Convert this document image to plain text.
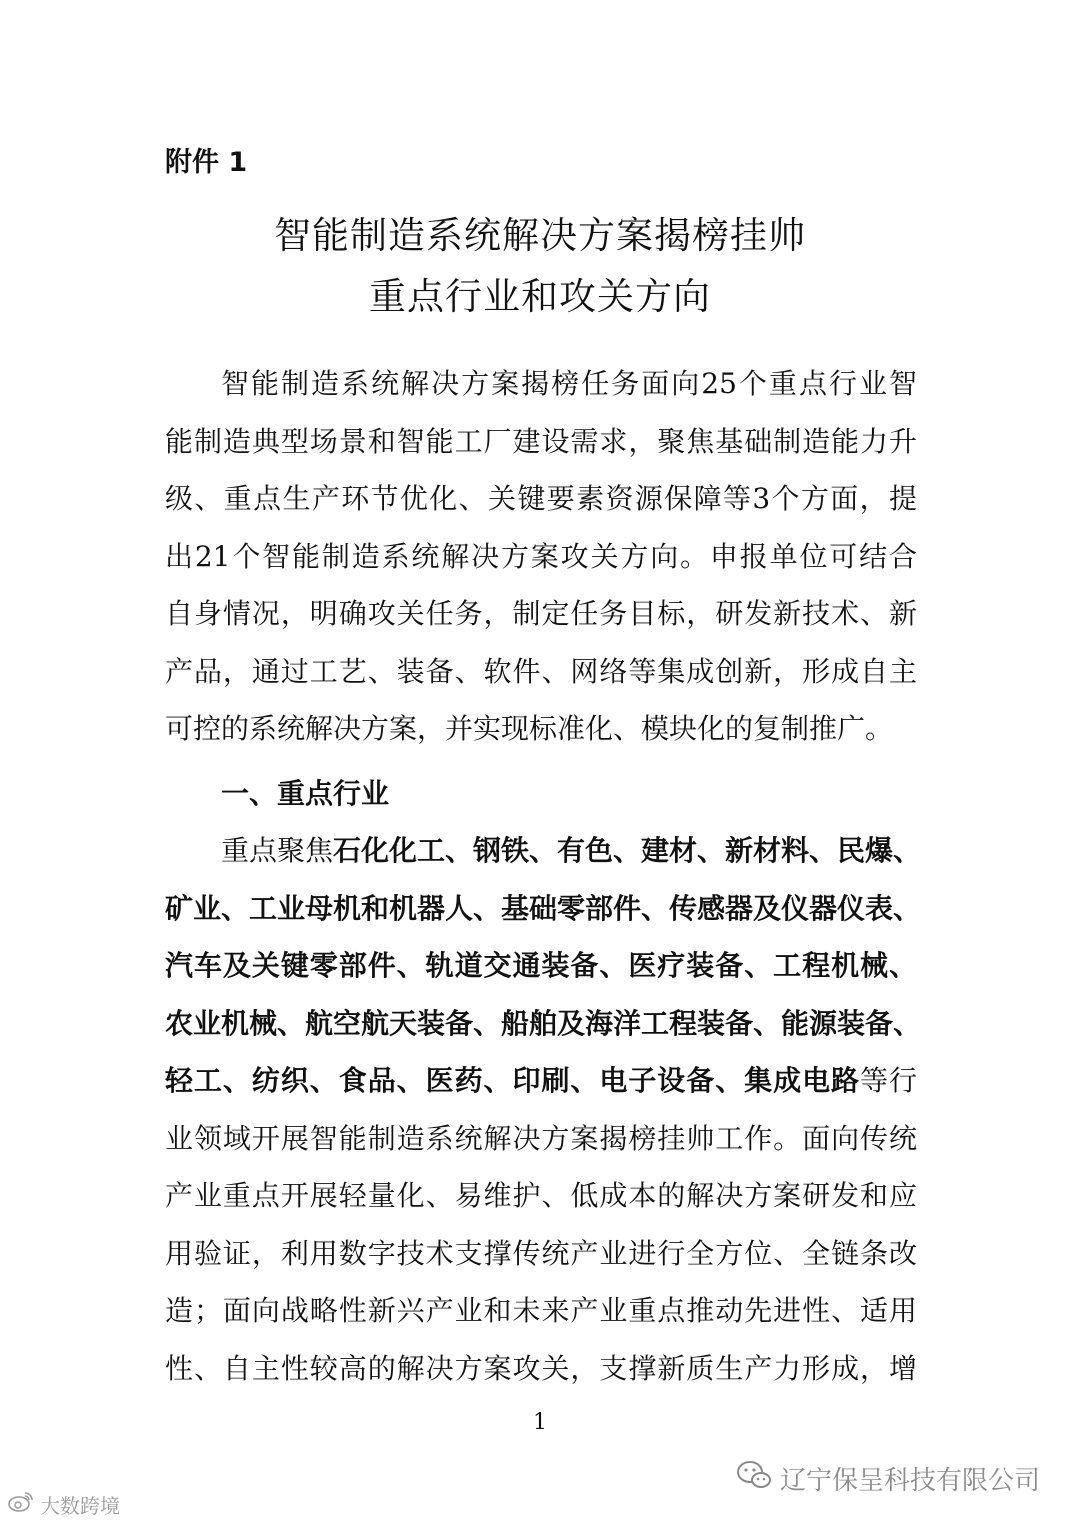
附件 1
智能制造系统解决方案揭榜挂帅
重点行业和攻关方向
智能制造系统解决方案揭榜任务面向25个重点行业智
能制造典型场景和智能工厂建设需求，聚焦基础制造能力升
级、重点生产环节优化、关键要素资源保障等3个方面，提
出21个智能制造系统解决方案攻关方向。申报单位可结合
自身情况，明确攻关任务，制定任务目标，研发新技术、新
产品，通过工艺、装备、软件、网络等集成创新，形成自主
可控的系统解决方案，并实现标准化、模块化的复制推广。
一、重点行业
重点聚焦石化化工、钢铁、有色、建材、新材料、民爆、
矿业、工业母机和机器人、基础零部件、传感器及仪器仪表、
汽车及关键零部件、轨道交通装备、医疗装备、工程机械、
农业机械、航空航天装备、船舶及海洋工程装备、能源装备、
轻工、纺织、食品、医药、印刷、电子设备、集成电路等行
业领域开展智能制造系统解决方案揭榜挂帅工作。面向传统
产业重点开展轻量化、易维护、低成本的解决方案研发和应
用验证，利用数字技术支撑传统产业进行全方位、全链条改
造；面向战略性新兴产业和未来产业重点推动先进性、适用
性、自主性较高的解决方案攻关，支撑新质生产力形成，增
1
大数跨境
辽宁保呈科技有限公司
